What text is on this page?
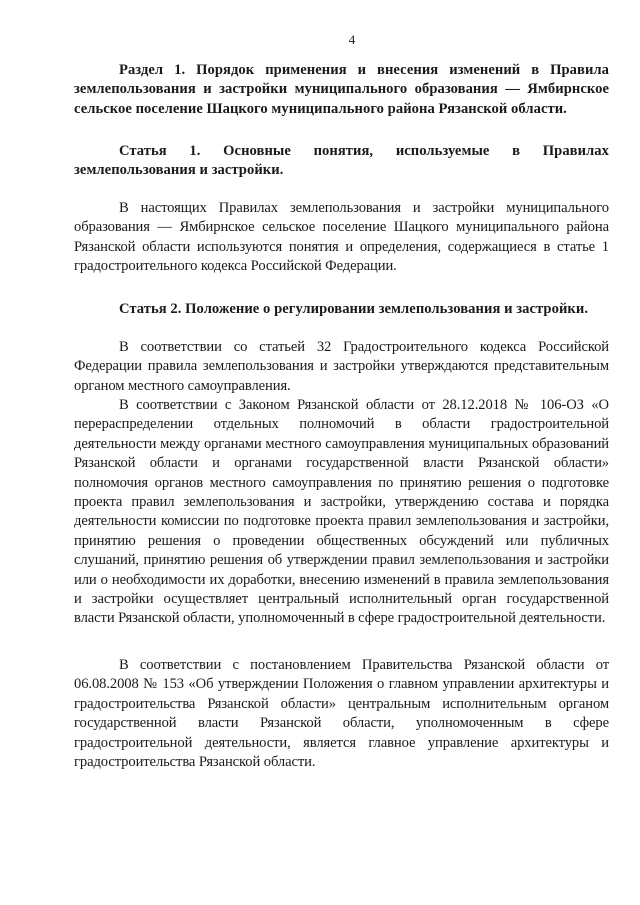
4

Раздел 1. Порядок применения и внесения изменений в Правила землепользования и застройки муниципального образования — Ямбирнское сельское поселение Шацкого муниципального района Рязанской области.

Статья 1. Основные понятия, используемые в Правилах землепользования и застройки.

В настоящих Правилах землепользования и застройки муниципального образования — Ямбирнское сельское поселение Шацкого муниципального района Рязанской области используются понятия и определения, содержащиеся в статье 1 градостроительного кодекса Российской Федерации.

Статья 2. Положение о регулировании землепользования и застройки.

В соответствии со статьей 32 Градостроительного кодекса Российской Федерации правила землепользования и застройки утверждаются представительным органом местного самоуправления.

В соответствии с Законом Рязанской области от 28.12.2018 № 106-ОЗ «О перераспределении отдельных полномочий в области градостроительной деятельности между органами местного самоуправления муниципальных образований Рязанской области и органами государственной власти Рязанской области» полномочия органов местного самоуправления по принятию решения о подготовке проекта правил землепользования и застройки, утверждению состава и порядка деятельности комиссии по подготовке проекта правил землепользования и застройки, принятию решения о проведении общественных обсуждений или публичных слушаний, принятию решения об утверждении правил землепользования и застройки или о необходимости их доработки, внесению изменений в правила землепользования и застройки осуществляет центральный исполнительный орган государственной власти Рязанской области, уполномоченный в сфере градостроительной деятельности.

В соответствии с постановлением Правительства Рязанской области от 06.08.2008 № 153 «Об утверждении Положения о главном управлении архитектуры и градостроительства Рязанской области» центральным исполнительным органом государственной власти Рязанской области, уполномоченным в сфере градостроительной деятельности, является главное управление архитектуры и градостроительства Рязанской области.
